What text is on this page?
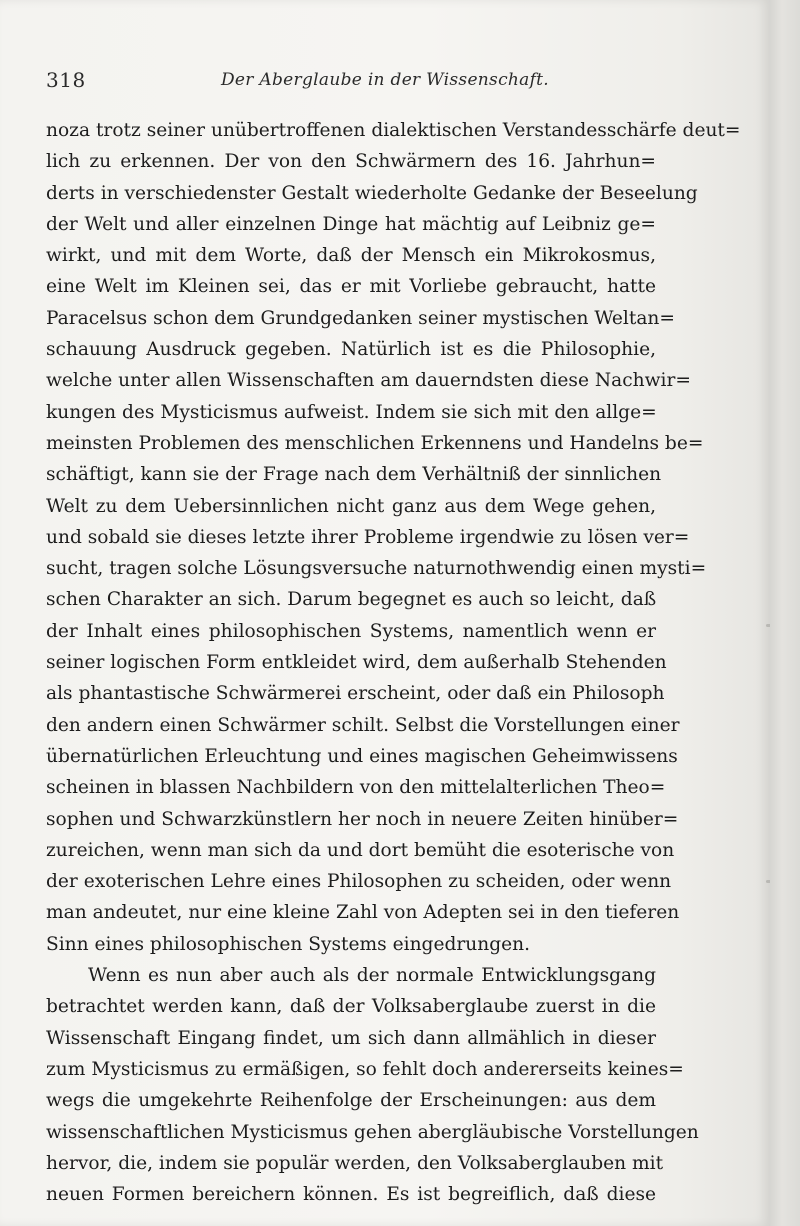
318	Der Aberglaube in der Wissenschaft.
noza trotz seiner unübertroffenen dialektischen Verstandesschärfe deut=
lich zu erkennen. Der von den Schwärmern des 16. Jahrhun=
derts in verschiedenster Gestalt wiederholte Gedanke der Beseelung
der Welt und aller einzelnen Dinge hat mächtig auf Leibniz ge=
wirkt, und mit dem Worte, daß der Mensch ein Mikrokosmus,
eine Welt im Kleinen sei, das er mit Vorliebe gebraucht, hatte
Paracelsus schon dem Grundgedanken seiner mystischen Weltan=
schauung Ausdruck gegeben. Natürlich ist es die Philosophie,
welche unter allen Wissenschaften am dauerndsten diese Nachwir=
kungen des Mysticismus aufweist. Indem sie sich mit den allge=
meinsten Problemen des menschlichen Erkennens und Handelns be=
schäftigt, kann sie der Frage nach dem Verhältniß der sinnlichen
Welt zu dem Uebersinnlichen nicht ganz aus dem Wege gehen,
und sobald sie dieses letzte ihrer Probleme irgendwie zu lösen ver=
sucht, tragen solche Lösungsversuche naturnothwendig einen mysti=
schen Charakter an sich. Darum begegnet es auch so leicht, daß
der Inhalt eines philosophischen Systems, namentlich wenn er
seiner logischen Form entkleidet wird, dem außerhalb Stehenden
als phantastische Schwärmerei erscheint, oder daß ein Philosoph
den andern einen Schwärmer schilt. Selbst die Vorstellungen einer
übernatürlichen Erleuchtung und eines magischen Geheimwissens
scheinen in blassen Nachbildern von den mittelalterlichen Theo=
sophen und Schwarzkünstlern her noch in neuere Zeiten hinüber=
zureichen, wenn man sich da und dort bemüht die esoterische von
der exoterischen Lehre eines Philosophen zu scheiden, oder wenn
man andeutet, nur eine kleine Zahl von Adepten sei in den tieferen
Sinn eines philosophischen Systems eingedrungen.
Wenn es nun aber auch als der normale Entwicklungsgang
betrachtet werden kann, daß der Volksaberglaube zuerst in die
Wissenschaft Eingang findet, um sich dann allmählich in dieser
zum Mysticismus zu ermäßigen, so fehlt doch andererseits keines=
wegs die umgekehrte Reihenfolge der Erscheinungen: aus dem
wissenschaftlichen Mysticismus gehen abergläubische Vorstellungen
hervor, die, indem sie populär werden, den Volksaberglauben mit
neuen Formen bereichern können. Es ist begreiflich, daß diese
